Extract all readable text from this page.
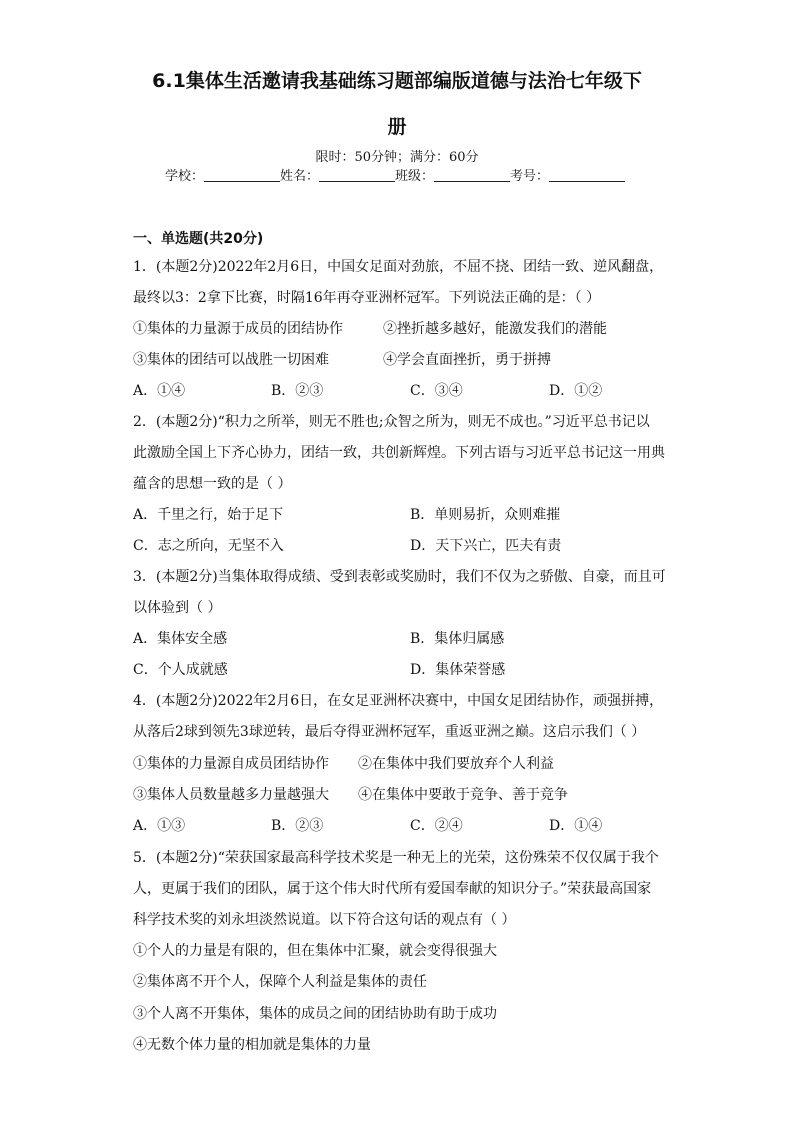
6.1集体生活邀请我基础练习题部编版道德与法治七年级下
册
限时：50分钟；满分：60分
学校：	姓名：	班级：	考号：
一、单选题(共20分)
1．(本题2分)2022年2月6日，中国女足面对劲旅，不屈不挠、团结一致、逆风翻盘，
最终以3：2拿下比赛，时隔16年再夺亚洲杯冠军。下列说法正确的是：（ ）
①集体的力量源于成员的团结协作	②挫折越多越好，能激发我们的潜能
③集体的团结可以战胜一切困难	④学会直面挫折，勇于拼搏
A．①④	B．②③	C．③④	D．①②
2．(本题2分)“积力之所举，则无不胜也;众智之所为，则无不成也。”习近平总书记以
此激励全国上下齐心协力，团结一致，共创新辉煌。下列古语与习近平总书记这一用典
蕴含的思想一致的是（ ）
A．千里之行，始于足下	B．单则易折，众则难摧
C．志之所向，无坚不入	D．天下兴亡，匹夫有责
3．(本题2分)当集体取得成绩、受到表彰或奖励时，我们不仅为之骄傲、自豪，而且可
以体验到（ ）
A．集体安全感	B．集体归属感
C．个人成就感	D．集体荣誉感
4．(本题2分)2022年2月6日，在女足亚洲杯决赛中，中国女足团结协作，顽强拼搏，
从落后2球到领先3球逆转，最后夺得亚洲杯冠军，重返亚洲之巅。这启示我们（ ）
①集体的力量源自成员团结协作 ②在集体中我们要放弃个人利益
③集体人员数量越多力量越强大 ④在集体中要敢于竞争、善于竞争
A．①③	B．②③	C．②④	D．①④
5．(本题2分)“荣获国家最高科学技术奖是一种无上的光荣，这份殊荣不仅仅属于我个
人，更属于我们的团队，属于这个伟大时代所有爱国奉献的知识分子。”荣获最高国家
科学技术奖的刘永坦淡然说道。以下符合这句话的观点有（ ）
①个人的力量是有限的，但在集体中汇聚，就会变得很强大
②集体离不开个人，保障个人利益是集体的责任
③个人离不开集体，集体的成员之间的团结协助有助于成功
④无数个体力量的相加就是集体的力量
